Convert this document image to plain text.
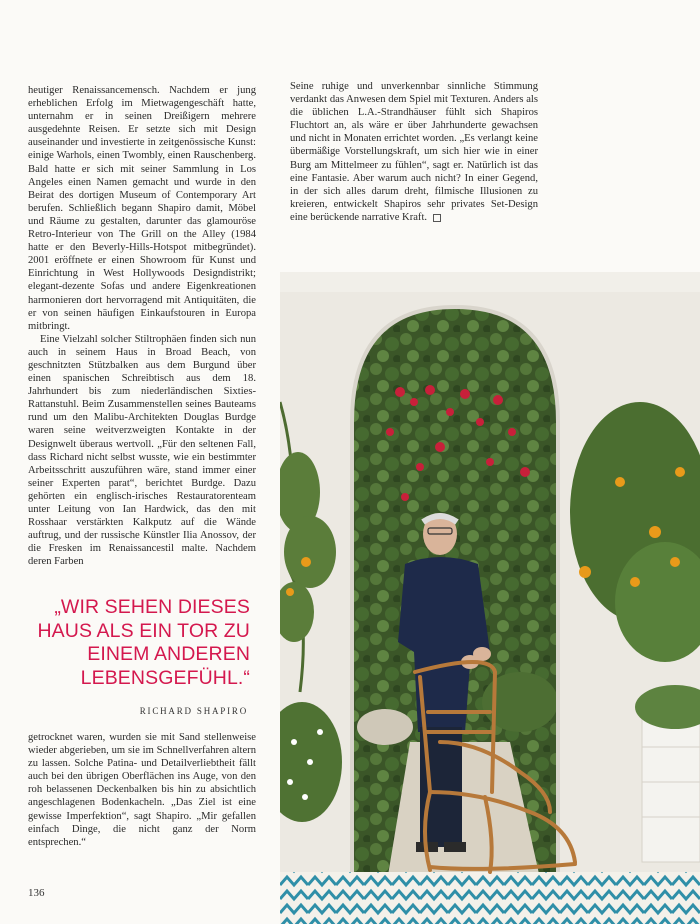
heutiger Renaissancemensch. Nachdem er jung erheblichen Erfolg im Mietwagengeschäft hatte, unternahm er in seinen Dreißigern mehrere ausgedehnte Reisen. Er setzte sich mit Design auseinander und investierte in zeitgenössische Kunst: einige Warhols, einen Twombly, einen Rauschenberg. Bald hatte er sich mit seiner Sammlung in Los Angeles einen Namen gemacht und wurde in den Beirat des dortigen Museum of Contemporary Art berufen. Schließlich begann Shapiro damit, Möbel und Räume zu gestalten, darunter das glamouröse Retro-Interieur von The Grill on the Alley (1984 hatte er den Beverly-Hills-Hotspot mitbegründet). 2001 eröffnete er einen Showroom für Kunst und Einrichtung in West Hollywoods Designdistrikt; elegant-dezente Sofas und andere Eigenkreationen harmonieren dort hervorragend mit Antiquitäten, die er von seinen häufigen Einkaufstouren in Europa mitbringt.

Eine Vielzahl solcher Stiltrophäen finden sich nun auch in seinem Haus in Broad Beach, von geschnitzten Stützbalken aus dem Burgund über einen spanischen Schreibtisch aus dem 18. Jahrhundert bis zum niederländischen Sixties-Rattanstuhl. Beim Zusammenstellen seines Bauteams rund um den Malibu-Architekten Douglas Burdge waren seine weitverzweigten Kontakte in der Designwelt überaus wertvoll. „Für den seltenen Fall, dass Richard nicht selbst wusste, wie ein bestimmter Arbeitsschritt auszuführen wäre, stand immer einer seiner Experten parat“, berichtet Burdge. Dazu gehörten ein englisch-irisches Restauratorenteam unter Leitung von Ian Hardwick, das den mit Rosshaar verstärkten Kalkputz auf die Wände auftrug, und der russische Künstler Ilia Anossov, der die Fresken im Renaissancestil malte. Nachdem deren Farben

„WIR SEHEN DIESES HAUS ALS EIN TOR ZU EINEM ANDEREN LEBENSGEFÜHL.“
RICHARD SHAPIRO

getrocknet waren, wurden sie mit Sand stellenweise wieder abgerieben, um sie im Schnellverfahren altern zu lassen. Solche Patina- und Detailverliebtheit fällt auch bei den übrigen Oberflächen ins Auge, von den roh belassenen Deckenbalken bis hin zu absichtlich angeschlagenen Bodenkacheln. „Das Ziel ist eine gewisse Imperfektion“, sagt Shapiro. „Mir gefallen einfach Dinge, die nicht ganz der Norm entsprechen.“

Seine ruhige und unverkennbar sinnliche Stimmung verdankt das Anwesen dem Spiel mit Texturen. Anders als die üblichen L.A.-Strandhäuser fühlt sich Shapiros Fluchtort an, als wäre er über Jahrhunderte gewachsen und nicht in Monaten errichtet worden. „Es verlangt keine übermäßige Vorstellungskraft, um sich hier wie in einer Burg am Mittelmeer zu fühlen“, sagt er. Natürlich ist das eine Fantasie. Aber warum auch nicht? In einer Gegend, in der sich alles darum dreht, filmische Illusionen zu kreieren, entwickelt Shapiros sehr privates Set-Design eine berückende narrative Kraft.

136
